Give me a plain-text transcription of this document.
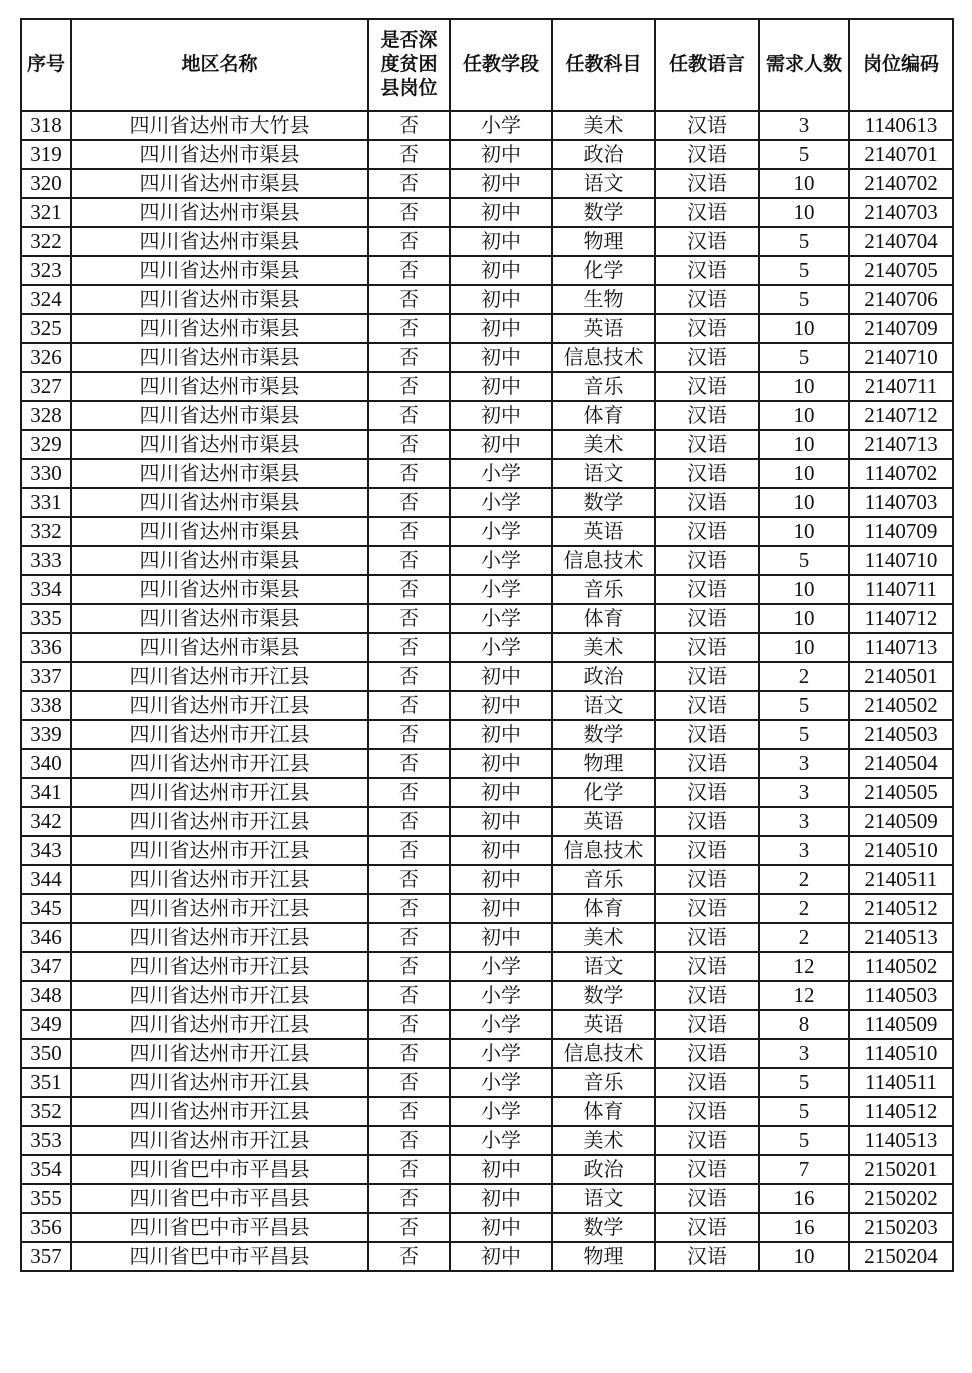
序号	地区名称	是否深度贫困县岗位	任教学段	任教科目	任教语言	需求人数	岗位编码
318	四川省达州市大竹县	否	小学	美术	汉语	3	1140613
319	四川省达州市渠县	否	初中	政治	汉语	5	2140701
320	四川省达州市渠县	否	初中	语文	汉语	10	2140702
321	四川省达州市渠县	否	初中	数学	汉语	10	2140703
322	四川省达州市渠县	否	初中	物理	汉语	5	2140704
323	四川省达州市渠县	否	初中	化学	汉语	5	2140705
324	四川省达州市渠县	否	初中	生物	汉语	5	2140706
325	四川省达州市渠县	否	初中	英语	汉语	10	2140709
326	四川省达州市渠县	否	初中	信息技术	汉语	5	2140710
327	四川省达州市渠县	否	初中	音乐	汉语	10	2140711
328	四川省达州市渠县	否	初中	体育	汉语	10	2140712
329	四川省达州市渠县	否	初中	美术	汉语	10	2140713
330	四川省达州市渠县	否	小学	语文	汉语	10	1140702
331	四川省达州市渠县	否	小学	数学	汉语	10	1140703
332	四川省达州市渠县	否	小学	英语	汉语	10	1140709
333	四川省达州市渠县	否	小学	信息技术	汉语	5	1140710
334	四川省达州市渠县	否	小学	音乐	汉语	10	1140711
335	四川省达州市渠县	否	小学	体育	汉语	10	1140712
336	四川省达州市渠县	否	小学	美术	汉语	10	1140713
337	四川省达州市开江县	否	初中	政治	汉语	2	2140501
338	四川省达州市开江县	否	初中	语文	汉语	5	2140502
339	四川省达州市开江县	否	初中	数学	汉语	5	2140503
340	四川省达州市开江县	否	初中	物理	汉语	3	2140504
341	四川省达州市开江县	否	初中	化学	汉语	3	2140505
342	四川省达州市开江县	否	初中	英语	汉语	3	2140509
343	四川省达州市开江县	否	初中	信息技术	汉语	3	2140510
344	四川省达州市开江县	否	初中	音乐	汉语	2	2140511
345	四川省达州市开江县	否	初中	体育	汉语	2	2140512
346	四川省达州市开江县	否	初中	美术	汉语	2	2140513
347	四川省达州市开江县	否	小学	语文	汉语	12	1140502
348	四川省达州市开江县	否	小学	数学	汉语	12	1140503
349	四川省达州市开江县	否	小学	英语	汉语	8	1140509
350	四川省达州市开江县	否	小学	信息技术	汉语	3	1140510
351	四川省达州市开江县	否	小学	音乐	汉语	5	1140511
352	四川省达州市开江县	否	小学	体育	汉语	5	1140512
353	四川省达州市开江县	否	小学	美术	汉语	5	1140513
354	四川省巴中市平昌县	否	初中	政治	汉语	7	2150201
355	四川省巴中市平昌县	否	初中	语文	汉语	16	2150202
356	四川省巴中市平昌县	否	初中	数学	汉语	16	2150203
357	四川省巴中市平昌县	否	初中	物理	汉语	10	2150204
